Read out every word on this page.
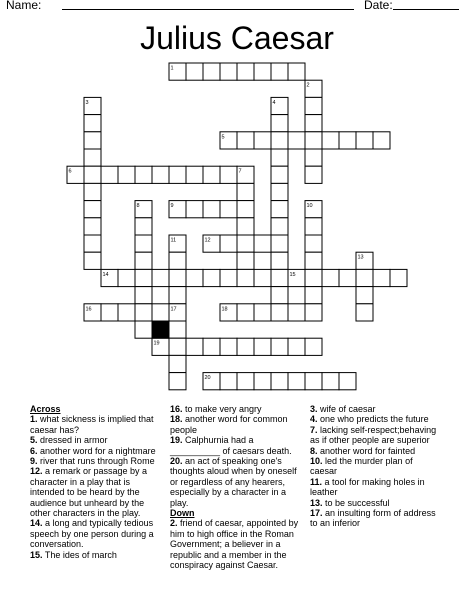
Name:	Date:
Julius Caesar
1
2
3	4
5
6	7
8	9	10
11	12
13
14	15
16	17	18
19
20
Across
1. what sickness is implied that caesar has?
5. dressed in armor
6. another word for a nightmare
9. river that runs through Rome
12. a remark or passage by a character in a play that is intended to be heard by the audience but unheard by the other characters in the play.
14. a long and typically tedious speech by one person during a conversation.
15. The ides of march
16. to make very angry
18. another word for common people
19. Calphurnia had a __________ of caesars death.
20. an act of speaking one's thoughts aloud when by oneself or regardless of any hearers, especially by a character in a play.
Down
2. friend of caesar, appointed by him to high office in the Roman Government; a believer in a republic and a member in the conspiracy against Caesar.
3. wife of caesar
4. one who predicts the future
7. lacking self-respect;behaving as if other people are superior
8. another word for fainted
10. led the murder plan of caesar
11. a tool for making holes in leather
13. to be successful
17. an insulting form of address to an inferior
